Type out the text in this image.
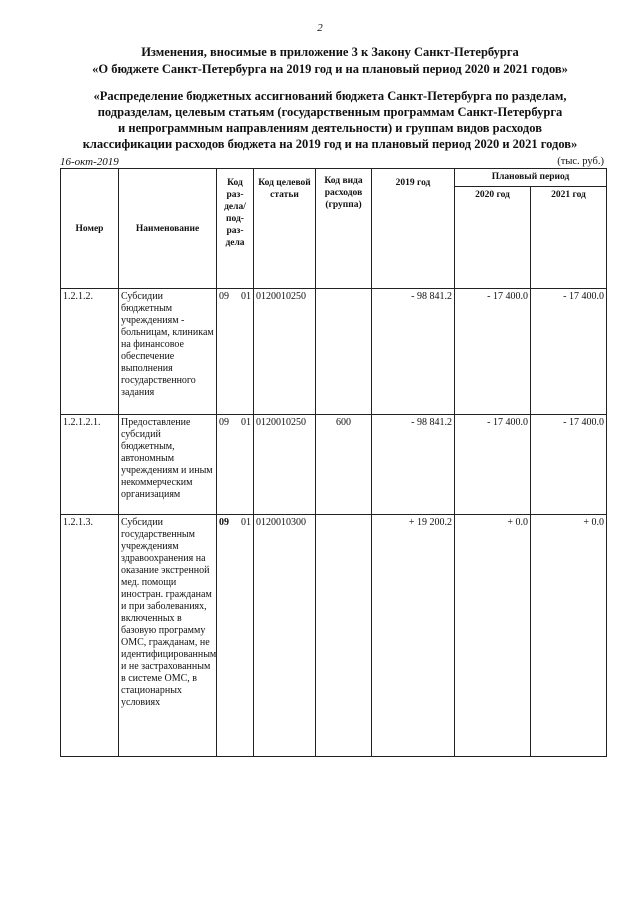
2
Изменения, вносимые в приложение 3 к Закону Санкт-Петербурга
«О бюджете Санкт-Петербурга на 2019 год и на плановый период 2020 и 2021 годов»
«Распределение бюджетных ассигнований бюджета Санкт-Петербурга по разделам,
подразделам, целевым статьям (государственным программам Санкт-Петербурга
и непрограммным направлениям деятельности) и группам видов расходов
классификации расходов бюджета на 2019 год и на плановый период 2020 и 2021 годов»
16-окт-2019	(тыс. руб.)
Номер	Наименование	Код раз-дела/ под-раз-дела	Код целевой статьи	Код вида расходов (группа)	2019 год	Плановый период	
						2020 год	2021 год
1.2.1.2.	Субсидии бюджетным учреждениям - больницам, клиникам на финансовое обеспечение выполнения государственного задания	09 01	0120010250		- 98 841.2	- 17 400.0	- 17 400.0
1.2.1.2.1.	Предоставление субсидий бюджетным, автономным учреждениям и иным некоммерческим организациям	09 01	0120010250	600	- 98 841.2	- 17 400.0	- 17 400.0
1.2.1.3.	Субсидии государственным учреждениям здравоохранения на оказание экстренной мед. помощи иностран. гражданам и при заболеваниях, включенных в базовую программу ОМС, гражданам, не идентифицированным и не застрахованным в системе ОМС, в стационарных условиях	09 01	0120010300		+ 19 200.2	+ 0.0	+ 0.0
